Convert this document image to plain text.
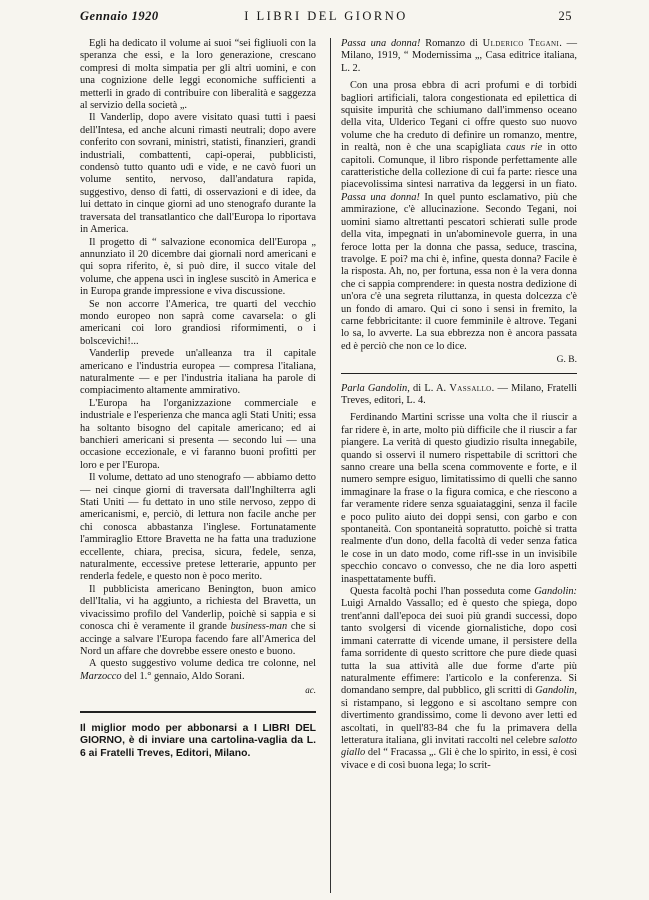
Gennaio 1920	I LIBRI DEL GIORNO	25

Egli ha dedicato il volume ai suoi “sei figliuoli con la speranza che essi, e la loro generazione, crescano compresi di molta simpatia per gli altri uomini, e con una cognizione delle leggi economiche sufficienti a metterli in grado di contribuire con liberalità e saggezza al servizio della società „.

Il Vanderlip, dopo avere visitato quasi tutti i paesi dell'Intesa, ed anche alcuni rimasti neutrali; dopo avere conferito con sovrani, ministri, statisti, finanzieri, grandi industriali, combattenti, capi-operai, pubblicisti, condensò tutto quanto udì e vide, e ne cavò fuori un volume sentito, nervoso, dall'andatura rapida, suggestivo, denso di fatti, di osservazioni e di idee, da lui dettato in cinque giorni ad uno stenografo durante la traversata del transatlantico che dall'Europa lo riportava in America.

Il progetto di “ salvazione economica dell'Europa „ annunziato il 20 dicembre dai giornali nord americani e qui sopra riferito, è, si può dire, il succo vitale del volume, che appena uscì in inglese suscitò in America e in Europa grande impressione e viva discussione.

Se non accorre l'America, tre quarti del vecchio mondo europeo non saprà come cavarsela: o gli americani coi loro grandiosi riformimenti, o i bolscevichi!...

Vanderlip prevede un'alleanza tra il capitale americano e l'industria europea — compresa l'italiana, naturalmente — e per l'industria italiana ha parole di compiacimento altamente ammirativo.

L'Europa ha l'organizzazione commerciale e industriale e l'esperienza che manca agli Stati Uniti; essa ha soltanto bisogno del capitale americano; ed ai banchieri americani si presenta — secondo lui — una occasione eccezionale, e vi faranno buoni profitti per loro e per l'Europa.

Il volume, dettato ad uno stenografo — abbiamo detto — nei cinque giorni di traversata dall'Inghilterra agli Stati Uniti — fu dettato in uno stile nervoso, zeppo di americanismi, e, perciò, di lettura non facile anche per chi conosca abbastanza l'inglese. Fortunatamente l'ammiraglio Ettore Bravetta ne ha fatta una traduzione eccellente, chiara, precisa, sicura, fedele, senza, naturalmente, eccessive pretese letterarie, appunto per renderla fedele, e questo non è poco merito.

Il pubblicista americano Benington, buon amico dell'Italia, vi ha aggiunto, a richiesta del Bravetta, un vivacissimo profilo del Vanderlip, poichè si sappia e si conosca chi è veramente il grande business-man che si accinge a salvare l'Europa facendo fare all'America del Nord un affare che dovrebbe essere onesto e buono.

A questo suggestivo volume dedica tre colonne, nel Marzocco del 1.° gennaio, Aldo Sorani.

ac.

Il miglior modo per abbonarsi a I LIBRI DEL GIORNO, è di inviare una cartolina-vaglia da L. 6 ai Fratelli Treves, Editori, Milano.

Passa una donna! Romanzo di Ulderico Tegani. — Milano, 1919, “ Modernissima „, Casa editrice italiana, L. 2.

Con una prosa ebbra di acri profumi e di torbidi bagliori artificiali, talora congestionata ed epilettica di squisite impurità che schiumano dall'immenso oceano della vita, Ulderico Tegani ci offre questo suo nuovo volume che ha creduto di definire un romanzo, mentre, in realtà, non è che una scapigliata caus rie in otto capitoli. Comunque, il libro risponde perfettamente alle caratteristiche della collezione di cui fa parte: riesce una piacevolissima sintesi narrativa da leggersi in un fiato. Passa una donna! In quel punto esclamativo, più che ammirazione, c'è allucinazione. Secondo Tegani, noi uomini siamo altrettanti pescatori schierati sulle prode della vita, impegnati in un'abominevole guerra, in una feroce lotta per la donna che passa, seduce, trascina, travolge. E poi? ma chi è, infine, questa donna? Facile è la risposta. Ah, no, per fortuna, essa non è la vera donna che ci sappia comprendere: in questa nostra dedizione di un'ora c'è una segreta riluttanza, in questa dolcezza c'è un fondo di amaro. Qui ci sono i sensi in fremito, la carne febbricitante: il cuore femminile è altrove. Tegani lo sa, lo avverte. La sua ebbrezza non è ancora passata ed è perciò che non ce lo dice.

G. B.

Parla Gandolin, di L. A. Vassallo. — Milano, Fratelli Treves, editori, L. 4.

Ferdinando Martini scrisse una volta che il riuscir a far ridere è, in arte, molto più difficile che il riuscir a far piangere. La verità di questo giudizio risulta innegabile, quando si osservi il numero rispettabile di scrittori che sanno creare una bella scena commovente e forte, e il numero sempre esiguo, limitatissimo di quelli che sanno immaginare la frase o la figura comica, e che riescono a far veramente ridere senza sguaiataggini, senza il facile e poco pulito aiuto dei doppi sensi, con garbo e con spontaneità. Con spontaneità sopratutto. poichè si tratta realmente d'un dono, della facoltà di veder senza fatica le cose in un dato modo, come rifl-sse in un invisibile specchio concavo o convesso, che ne dia loro aspetti inaspettatamente buffi.

Questa facoltà pochi l'han posseduta come Gandolin: Luigi Arnaldo Vassallo; ed è questo che spiega, dopo trent'anni dall'epoca dei suoi più grandi successi, dopo tanto svolgersi di vicende giornalistiche, dopo così immani caterratte di vicende umane, il persistere della fama sorridente di questo scrittore che pure diede quasi tutta la sua attività alle due forme d'arte più naturalmente effimere: l'articolo e la conferenza. Si domandano sempre, dal pubblico, gli scritti di Gandolin, si ristampano, si leggono e si ascoltano sempre con divertimento grandissimo, come li devono aver letti ed ascoltati, in quell'83-84 che fu la primavera della letteratura italiana, gli invitati raccolti nel celebre salotto giallo del “ Fracassa „. Gli è che lo spirito, in essi, è così vivace e di così buona lega; lo scrit-
